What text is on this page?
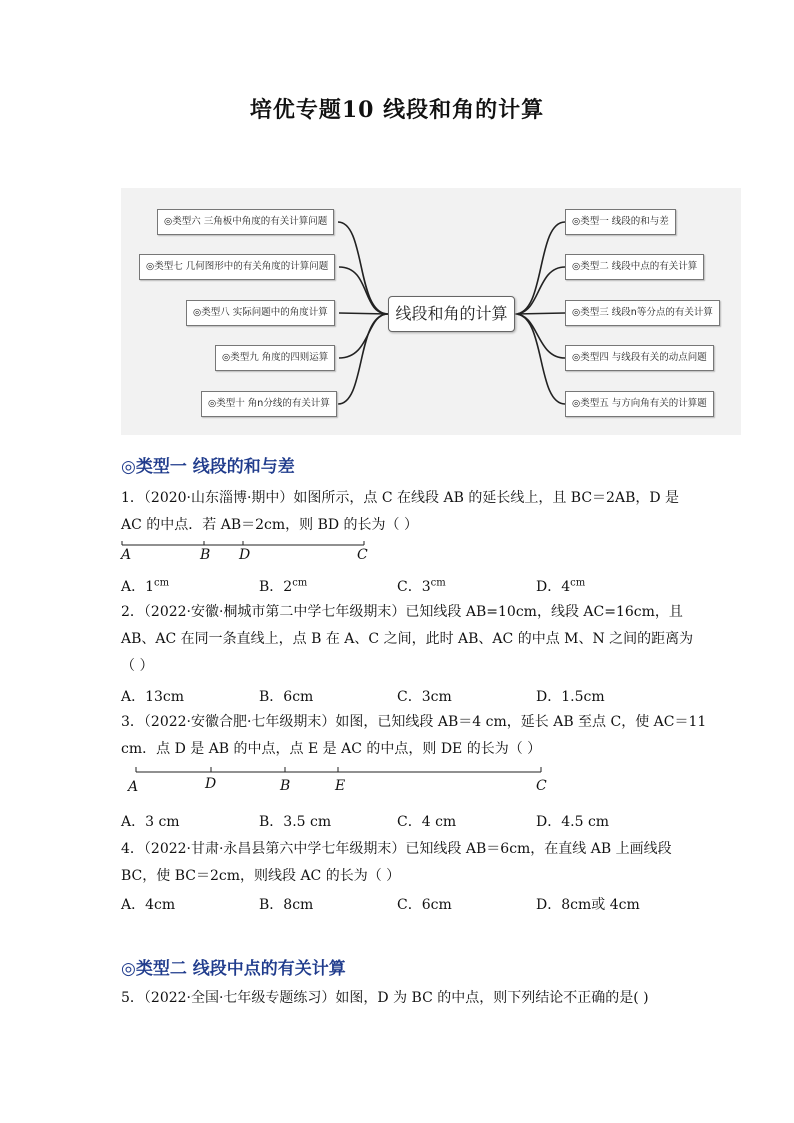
培优专题10 线段和角的计算
◎类型六 三角板中角度的有关计算问题
◎类型七 几何图形中的有关角度的计算问题
◎类型八 实际问题中的角度计算
◎类型九 角度的四则运算
◎类型十 角n分线的有关计算
线段和角的计算
◎类型一 线段的和与差
◎类型二 线段中点的有关计算
◎类型三 线段n等分点的有关计算
◎类型四 与线段有关的动点问题
◎类型五 与方向角有关的计算题
◎类型一 线段的和与差
1．（2020·山东淄博·期中）如图所示，点 C 在线段 AB 的延长线上，且 BC＝2AB，D 是
AC 的中点．若 AB＝2cm，则 BD 的长为（ ）
A	B D	C
A．$1^{cm}$	B．$2^{cm}$	C．$3^{cm}$	D．$4^{cm}$
2．（2022·安徽·桐城市第二中学七年级期末）已知线段 AB=10cm，线段 AC=16cm，且
AB、AC 在同一条直线上，点 B 在 A、C 之间，此时 AB、AC 的中点 M、N 之间的距离为
（ ）
A．13cm	B．6cm	C．3cm	D．1.5cm
3．（2022·安徽合肥·七年级期末）如图，已知线段 AB＝4 cm，延长 AB 至点 C，使 AC＝11
cm．点 D 是 AB 的中点，点 E 是 AC 的中点，则 DE 的长为（ ）
A	D	B	E	C
A．3 cm	B．3.5 cm	C．4 cm	D．4.5 cm
4．（2022·甘肃·永昌县第六中学七年级期末）已知线段 AB＝6cm，在直线 AB 上画线段
BC，使 BC＝2cm，则线段 AC 的长为（ ）
A．4cm	B．8cm	C．6cm	D．8cm或 4cm
◎类型二 线段中点的有关计算
5．（2022·全国·七年级专题练习）如图，D 为 BC 的中点，则下列结论不正确的是( )
